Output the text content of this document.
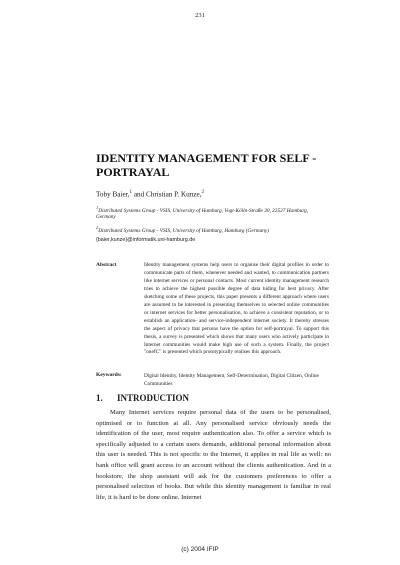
231
IDENTITY MANAGEMENT FOR SELF -PORTRAYAL
Toby Baier,$^1$ and Christian P. Kunze,$^2$
$^1$Distributed Systems Group - VSIS, University of Hamburg, Vogt-Kölln-Straße 30, 22527 Hamburg, Germany
$^2$Distributed Systems Group - VSIS, University of Hamburg, Hamburg (Germany)
{baier,kunze}@informatik.uni-hamburg.de
Abstract	Identity management systems help users to organise their digital profiles in order to communicate parts of them, whenever needed and wanted, to communication partners like internet services or personal contacts. Most current identity management research tries to achieve the highest possible degree of data hiding for best privacy. After sketching some of these projects, this paper presents a different approach where users are assumed to be interested in presenting themselves to selected online communities or internet services for better personalisation, to achieve a consistent reputation, or to establish an application- and service-independent internet society. It thereby stresses the aspect of privacy that persons have the option for self-portrayal. To support this thesis, a survey is presented which shows that many users who actively participate in Internet communities would make high use of such a system. Finally, the project "onefC" is presented which prototypically realises this approach.

Keywords:	Digital Identity, Identity Management, Self-Determination, Digital Citizen, Online Communities

1. INTRODUCTION

Many Internet services require personal data of the users to be personalised, optimised or to function at all. Any personalised service obviously needs the identification of the user, most require authentication also. To offer a service which is specifically adjusted to a certain users demands, additional personal information about this user is needed. This is not specific to the Internet, it applies in real life as well: no bank office will grant access to an account without the clients authentication. And in a bookstore, the shop assistant will ask for the customers preferences to offer a personalised selection of books. But while this identity management is familiar in real life, it is hard to be done online. Internet

(c) 2004 IFIP
